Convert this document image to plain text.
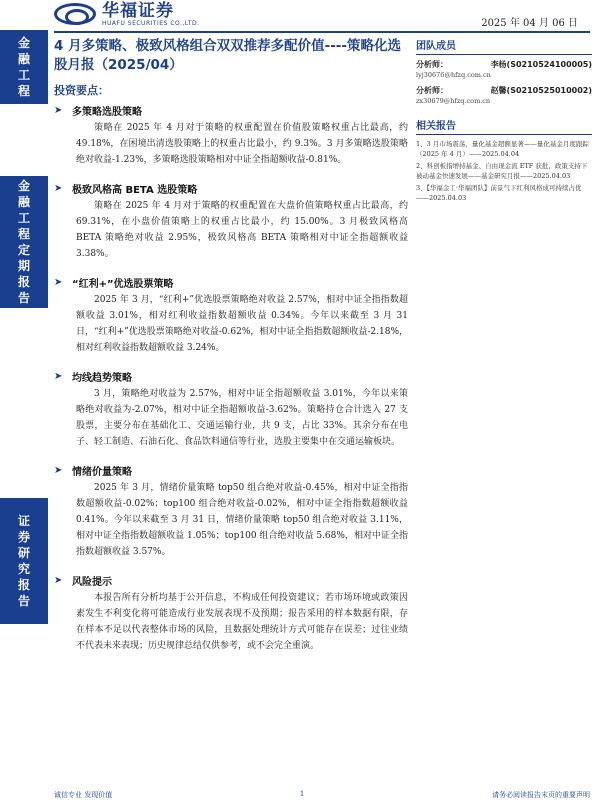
金融工程
金融工程定期报告
证券研究报告
华福证券
HUAFU SECURITIES CO.,LTD.	2025 年 04 月 06 日
4 月多策略、极致风格组合双双推荐多配价值----策略化选股月报（2025/04）
投资要点：
➤ 多策略选股策略
策略在 2025 年 4 月对于策略的权重配置在价值股策略权重占比最高，约 49.18%，在困境出清选股策略上的权重占比最小，约 9.3%。3 月多策略选股策略绝对收益-1.23%，多策略选股策略相对中证全指超额收益-0.81%。
➤ 极致风格高 BETA 选股策略
策略在 2025 年 4 月对于策略的权重配置在大盘价值策略权重占比最高，约 69.31%，在小盘价值策略上的权重占比最小，约 15.00%。3 月极致风格高 BETA 策略绝对收益 2.95%，极致风格高 BETA 策略相对中证全指超额收益 3.38%。
➤ “红利+”优选股票策略
2025 年 3 月，“红利+”优选股票策略绝对收益 2.57%，相对中证全指指数超额收益 3.01%，相对红利收益指数超额收益 0.34%。今年以来截至 3 月 31 日，“红利+”优选股票策略绝对收益-0.62%，相对中证全指指数超额收益-2.18%，相对红利收益指数超额收益 3.24%。
➤ 均线趋势策略
3 月，策略绝对收益为 2.57%，相对中证全指超额收益 3.01%，今年以来策略绝对收益为-2.07%，相对中证全指超额收益-3.62%。策略持仓合计选入 27 支股票，主要分布在基础化工、交通运输行业，共 9 支，占比 33%。其余分布在电子、轻工制造、石油石化、食品饮料通信等行业，选股主要集中在交通运输板块。
➤ 情绪价量策略
2025 年 3 月，情绪价量策略 top50 组合绝对收益-0.45%，相对中证全指指数超额收益-0.02%；top100 组合绝对收益-0.02%，相对中证全指指数超额收益 0.41%。今年以来截至 3 月 31 日，情绪价量策略 top50 组合绝对收益 3.11%，相对中证全指指数超额收益 1.05%；top100 组合绝对收益 5.68%，相对中证全指指数超额收益 3.57%。
➤ 风险提示
本报告所有分析均基于公开信息，不构成任何投资建议；若市场环境或政策因素发生不利变化将可能造成行业发展表现不及预期；报告采用的样本数据有限，存在样本不足以代表整体市场的风险，且数据处理统计方式可能存在误差；过往业绩不代表未来表现；历史规律总结仅供参考，或不会完全重演。
团队成员
分析师：	李杨(S0210524100005)
lyj30676@hfzq.com.cn
分析师：	赵馨(S0210525010002)
zx30679@hfzq.com.cn
相关报告
1、3 月市场震荡，量化基金超额显著——量化基金月度跟踪（2025 年 4 月）——2025.04.04
2、科创板指增持基金、自由现金流 ETF 获批，政策支持下被动基金快速发展——基金研究月报——2025.04.03
3、【华福金工·华福团队】前景气下红利风格成可持续占优——2025.04.03
诚信专业 发现价值	1	请务必阅读报告末页的重要声明
